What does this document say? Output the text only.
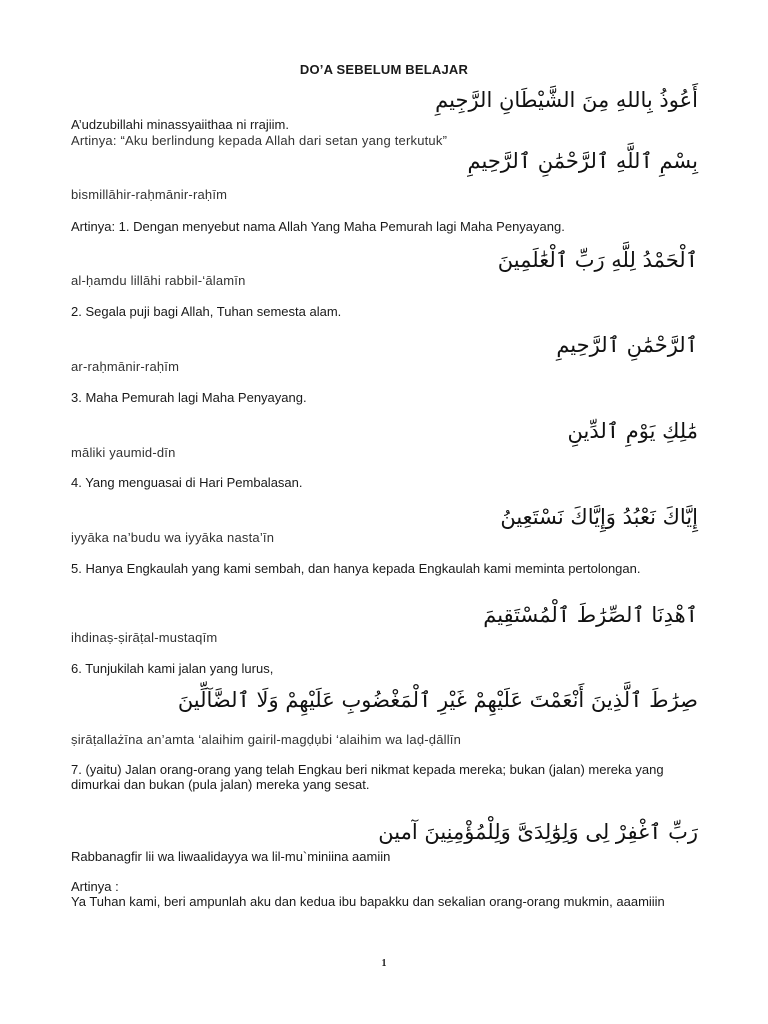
DO’A SEBELUM BELAJAR
أَعُوذُ بِاللهِ مِنَ الشَّيْطَانِ الرَّجِيمِ
A’udzubillahi minassyaiithaa ni rrajiim.
Artinya: “Aku berlindung kepada Allah dari setan yang terkutuk”
بِسْمِ ٱللَّهِ ٱلرَّحْمَٰنِ ٱلرَّحِيمِ
bismillāhir-raḥmānir-raḥīm
Artinya: 1. Dengan menyebut nama Allah Yang Maha Pemurah lagi Maha Penyayang.
ٱلْحَمْدُ لِلَّهِ رَبِّ ٱلْعَٰلَمِينَ
al-ḥamdu lillāhi rabbil-‘ālamīn
2. Segala puji bagi Allah, Tuhan semesta alam.
ٱلرَّحْمَٰنِ ٱلرَّحِيمِ
ar-raḥmānir-raḥīm
3. Maha Pemurah lagi Maha Penyayang.
مَٰلِكِ يَوْمِ ٱلدِّينِ
māliki yaumid-dīn
4. Yang menguasai di Hari Pembalasan.
إِيَّاكَ نَعْبُدُ وَإِيَّاكَ نَسْتَعِينُ
iyyāka na’budu wa iyyāka nasta’īn
5. Hanya Engkaulah yang kami sembah, dan hanya kepada Engkaulah kami meminta pertolongan.
ٱهْدِنَا ٱلصِّرَٰطَ ٱلْمُسْتَقِيمَ
ihdinaṣ-ṣirāṭal-mustaqīm
6. Tunjukilah kami jalan yang lurus,
صِرَٰطَ ٱلَّذِينَ أَنْعَمْتَ عَلَيْهِمْ غَيْرِ ٱلْمَغْضُوبِ عَلَيْهِمْ وَلَا ٱلضَّآلِّينَ
ṣirāṭallażīna an’amta ‘alaihim gairil-magḍụbi ‘alaihim wa laḍ-ḍāllīn
7. (yaitu) Jalan orang-orang yang telah Engkau beri nikmat kepada mereka; bukan (jalan) mereka yang dimurkai dan bukan (pula jalan) mereka yang sesat.
رَبِّ ٱغْفِرْ لِى وَلِوَٰلِدَىَّ وَلِلْمُؤْمِنِينَ آمين
Rabbanagfir lii wa liwaalidayya wa lil-mu`miniina aamiin
Artinya :
Ya Tuhan kami, beri ampunlah aku dan kedua ibu bapakku dan sekalian orang-orang mukmin, aaamiiin
1
